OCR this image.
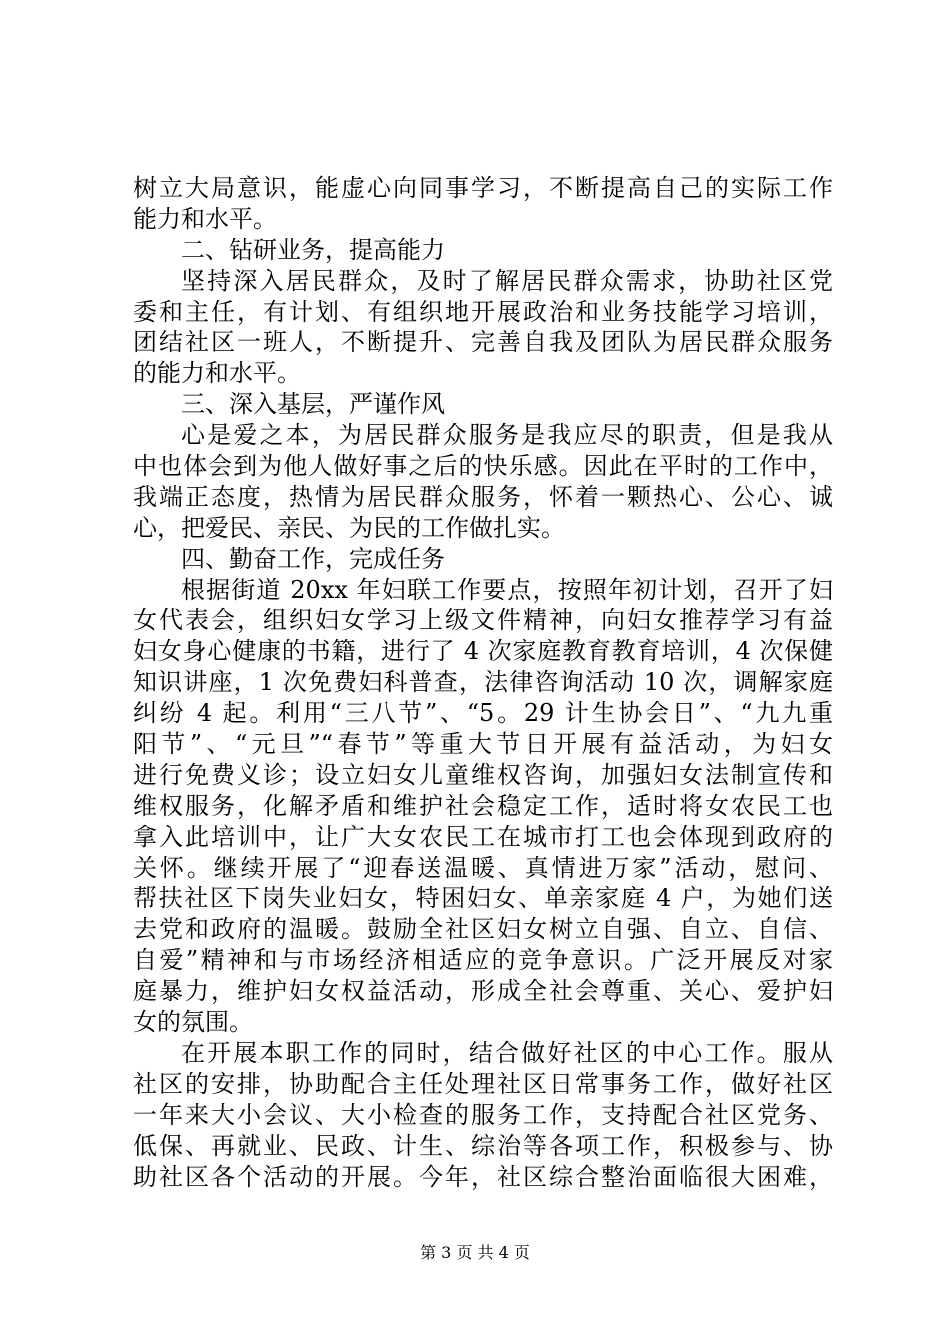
树立大局意识，能虚心向同事学习，不断提高自己的实际工作
能力和水平。
二、钻研业务，提高能力
坚持深入居民群众，及时了解居民群众需求，协助社区党
委和主任，有计划、有组织地开展政治和业务技能学习培训，
团结社区一班人，不断提升、完善自我及团队为居民群众服务
的能力和水平。
三、深入基层，严谨作风
心是爱之本，为居民群众服务是我应尽的职责，但是我从
中也体会到为他人做好事之后的快乐感。因此在平时的工作中，
我端正态度，热情为居民群众服务，怀着一颗热心、公心、诚
心，把爱民、亲民、为民的工作做扎实。
四、勤奋工作，完成任务
根据街道 20xx 年妇联工作要点，按照年初计划，召开了妇
女代表会，组织妇女学习上级文件精神，向妇女推荐学习有益
妇女身心健康的书籍，进行了 4 次家庭教育教育培训，4 次保健
知识讲座，1 次免费妇科普查，法律咨询活动 10 次，调解家庭
纠纷 4 起。利用“三八节”、“5。29 计生协会日”、“九九重
阳节”、“元旦”“春节”等重大节日开展有益活动，为妇女
进行免费义诊；设立妇女儿童维权咨询，加强妇女法制宣传和
维权服务，化解矛盾和维护社会稳定工作，适时将女农民工也
拿入此培训中，让广大女农民工在城市打工也会体现到政府的
关怀。继续开展了“迎春送温暖、真情进万家”活动，慰问、
帮扶社区下岗失业妇女，特困妇女、单亲家庭 4 户，为她们送
去党和政府的温暖。鼓励全社区妇女树立自强、自立、自信、
自爱”精神和与市场经济相适应的竞争意识。广泛开展反对家
庭暴力，维护妇女权益活动，形成全社会尊重、关心、爱护妇
女的氛围。
在开展本职工作的同时，结合做好社区的中心工作。服从
社区的安排，协助配合主任处理社区日常事务工作，做好社区
一年来大小会议、大小检查的服务工作，支持配合社区党务、
低保、再就业、民政、计生、综治等各项工作，积极参与、协
助社区各个活动的开展。今年，社区综合整治面临很大困难，
第 3 页 共 4 页
